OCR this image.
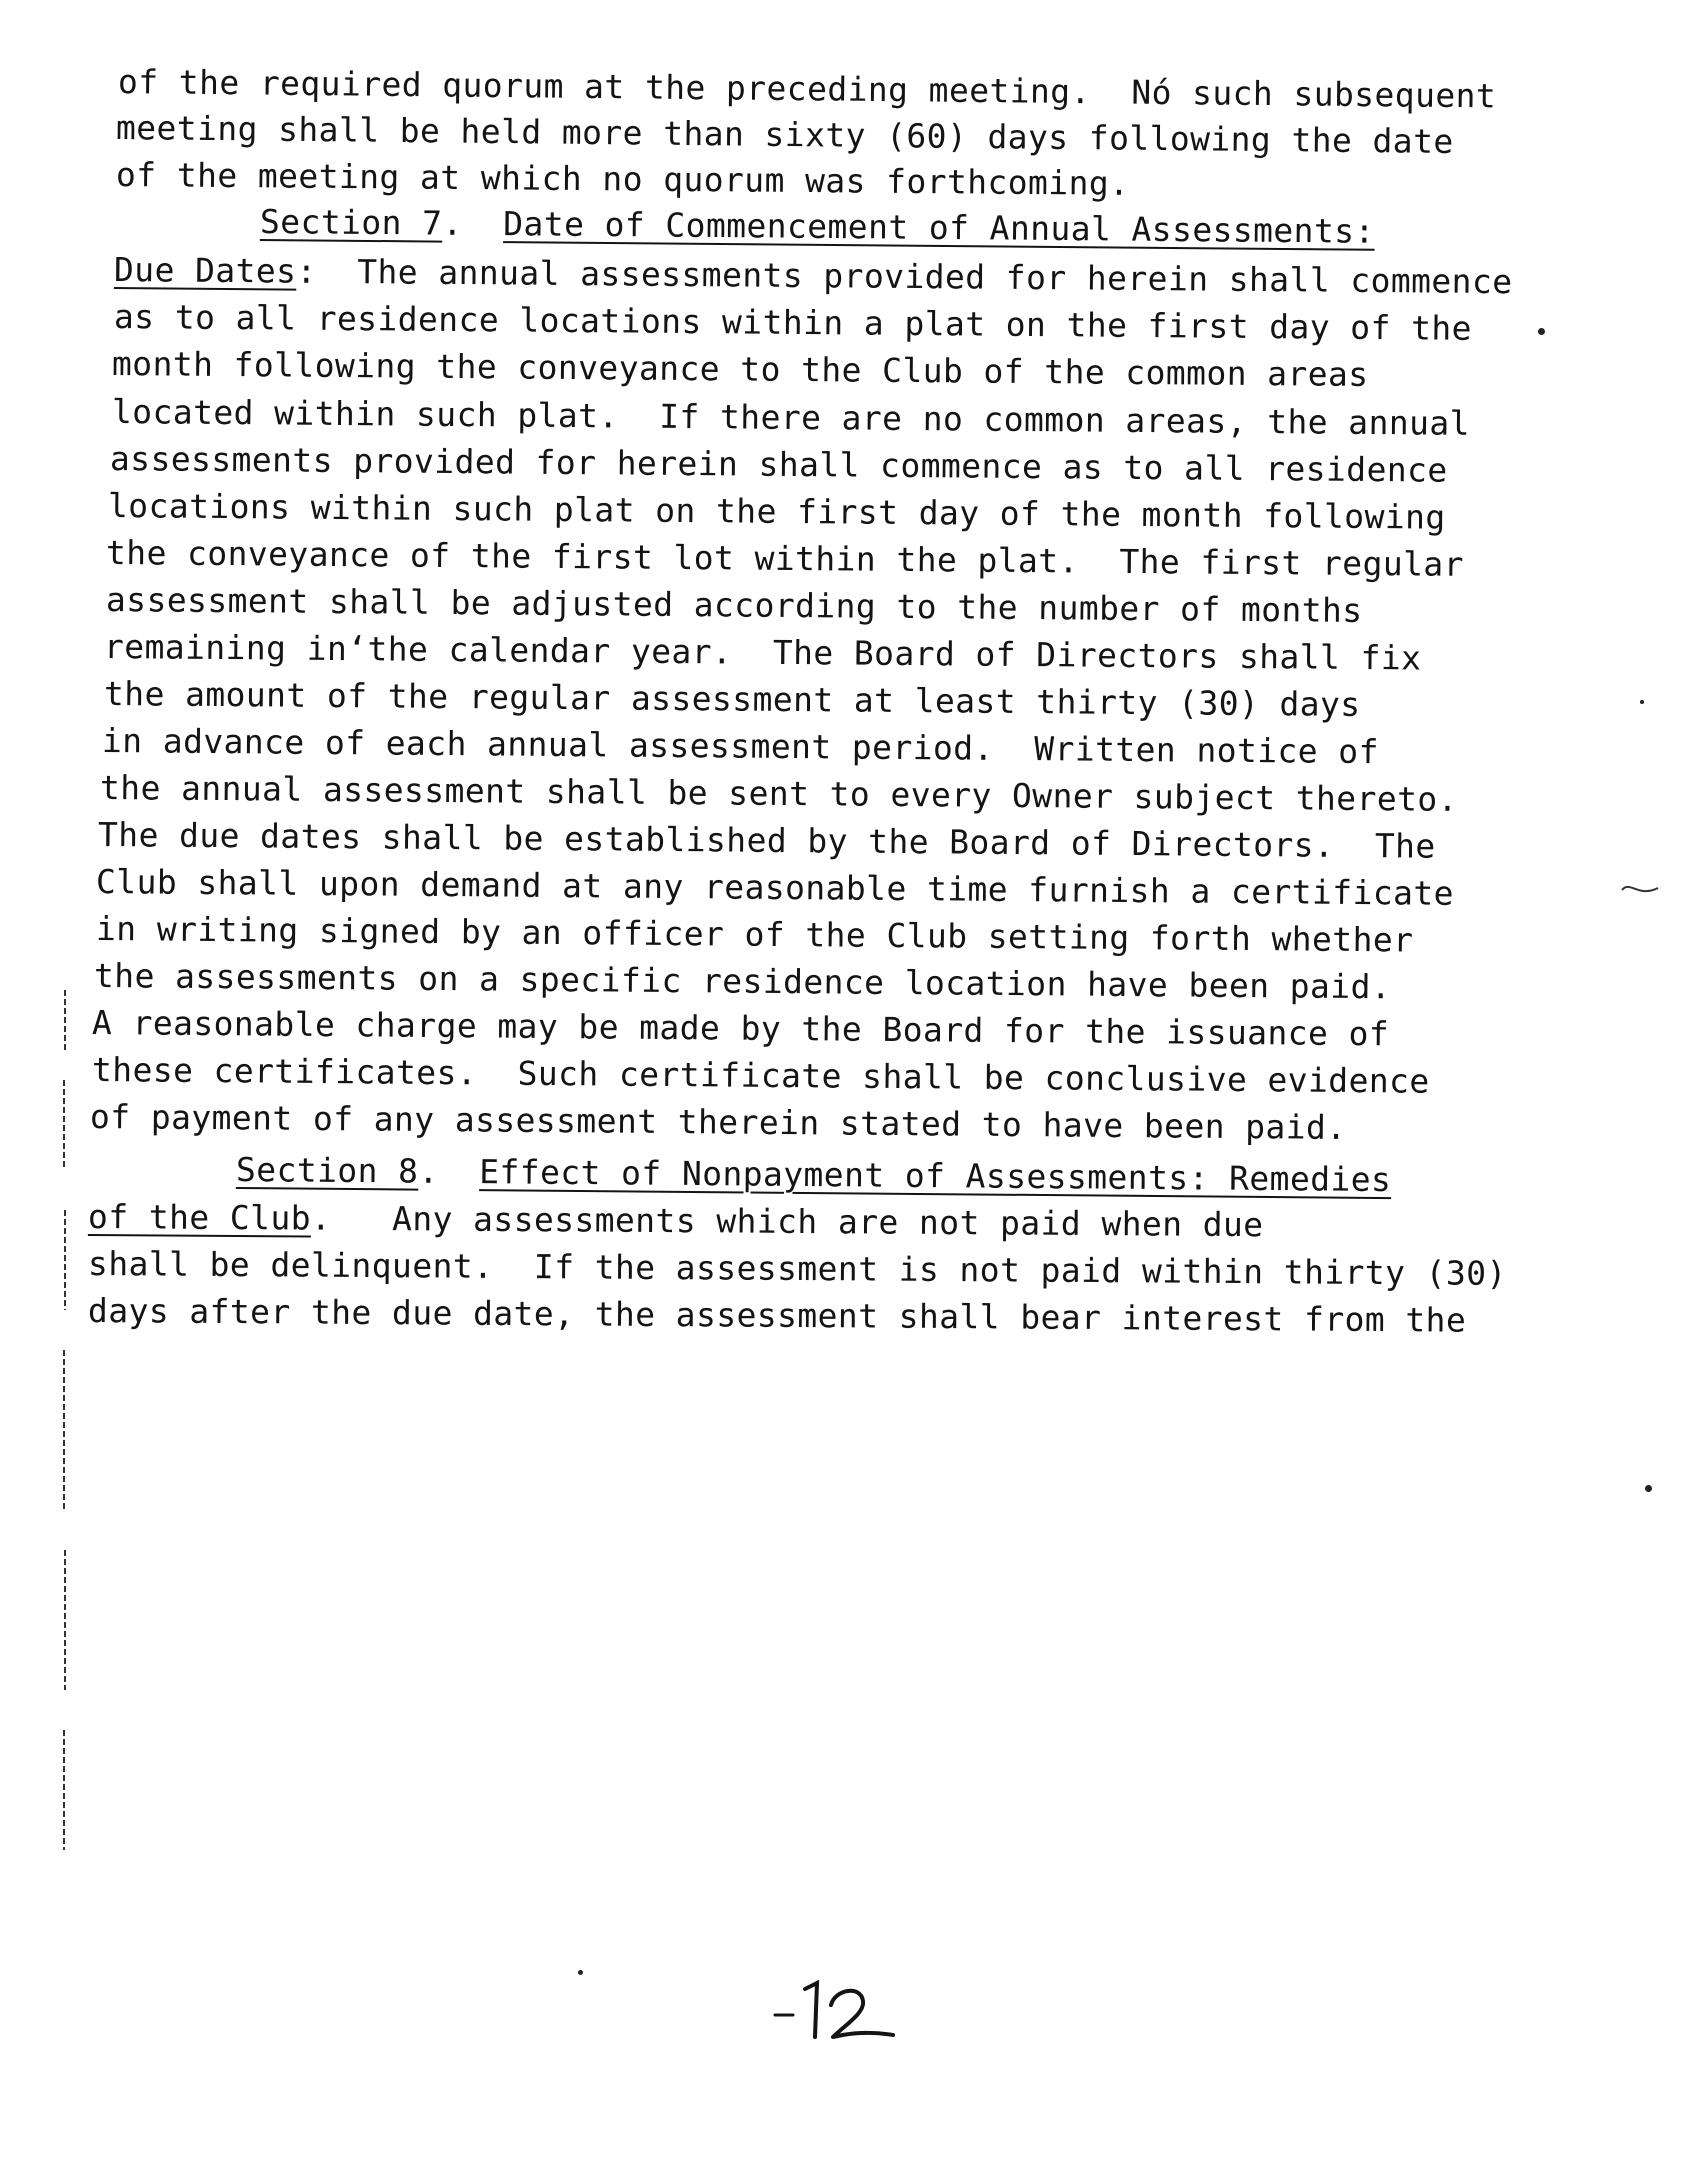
of the required quorum at the preceding meeting.  Nó such subsequent
meeting shall be held more than sixty (60) days following the date
of the meeting at which no quorum was forthcoming.
Section 7. Date of Commencement of Annual Assessments:
Due Dates: The annual assessments provided for herein shall commence
as to all residence locations within a plat on the first day of the
month following the conveyance to the Club of the common areas
located within such plat.  If there are no common areas, the annual
assessments provided for herein shall commence as to all residence
locations within such plat on the first day of the month following
the conveyance of the first lot within the plat.  The first regular
assessment shall be adjusted according to the number of months
remaining in‘the calendar year.  The Board of Directors shall fix
the amount of the regular assessment at least thirty (30) days
in advance of each annual assessment period.  Written notice of
the annual assessment shall be sent to every Owner subject thereto.
The due dates shall be established by the Board of Directors.  The
Club shall upon demand at any reasonable time furnish a certificate
in writing signed by an officer of the Club setting forth whether
the assessments on a specific residence location have been paid.
A reasonable charge may be made by the Board for the issuance of
these certificates.  Such certificate shall be conclusive evidence
of payment of any assessment therein stated to have been paid.
Section 8. Effect of Nonpayment of Assessments: Remedies
of the Club. Any assessments which are not paid when due
shall be delinquent.  If the assessment is not paid within thirty (30)
days after the due date, the assessment shall bear interest from the
